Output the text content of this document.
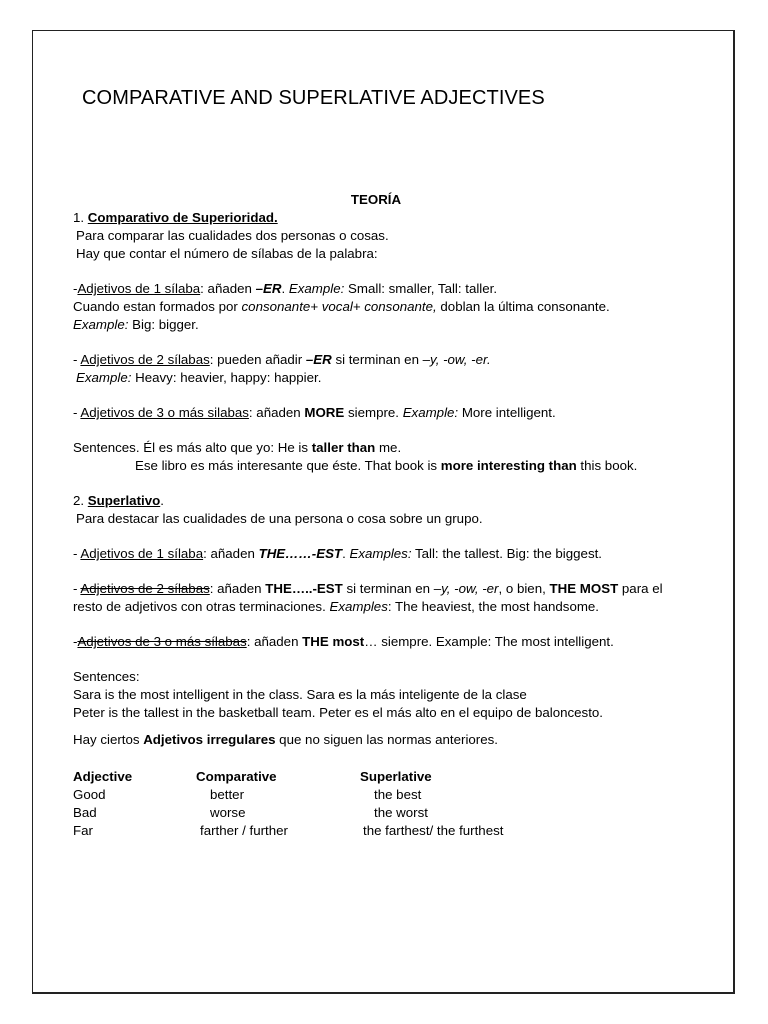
COMPARATIVE AND SUPERLATIVE ADJECTIVES

TEORÍA

1. Comparativo de Superioridad.

Para comparar las cualidades dos personas o cosas.

Hay que contar el número de sílabas de la palabra:

-Adjetivos de 1 sílaba: añaden –ER. Example: Small: smaller, Tall: taller.

Cuando estan formados por consonante+ vocal+ consonante, doblan la última consonante.

Example: Big: bigger.

- Adjetivos de 2 sílabas: pueden añadir –ER si terminan en –y, -ow, -er.

Example: Heavy: heavier, happy: happier.

- Adjetivos de 3 o más silabas: añaden MORE siempre. Example: More intelligent.

Sentences. Él es más alto que yo: He is taller than me.

Ese libro es más interesante que éste. That book is more interesting than this book.

2. Superlativo.

Para destacar las cualidades de una persona o cosa sobre un grupo.

- Adjetivos de 1 sílaba: añaden THE……-EST. Examples: Tall: the tallest. Big: the biggest.

- Adjetivos de 2 sílabas: añaden THE…..-EST si terminan en –y, -ow, -er, o bien, THE MOST para el

resto de adjetivos con otras terminaciones. Examples: The heaviest, the most handsome.

-Adjetivos de 3 o más sílabas: añaden THE most… siempre. Example: The most intelligent.

Sentences:

Sara is the most intelligent in the class. Sara es la más inteligente de la clase

Peter is the tallest in the basketball team. Peter es el más alto en el equipo de baloncesto.

Hay ciertos Adjetivos irregulares que no siguen las normas anteriores.

Adjective	Comparative	Superlative
Good	better	the best
Bad	worse	the worst
Far	farther / further	the farthest/ the furthest
